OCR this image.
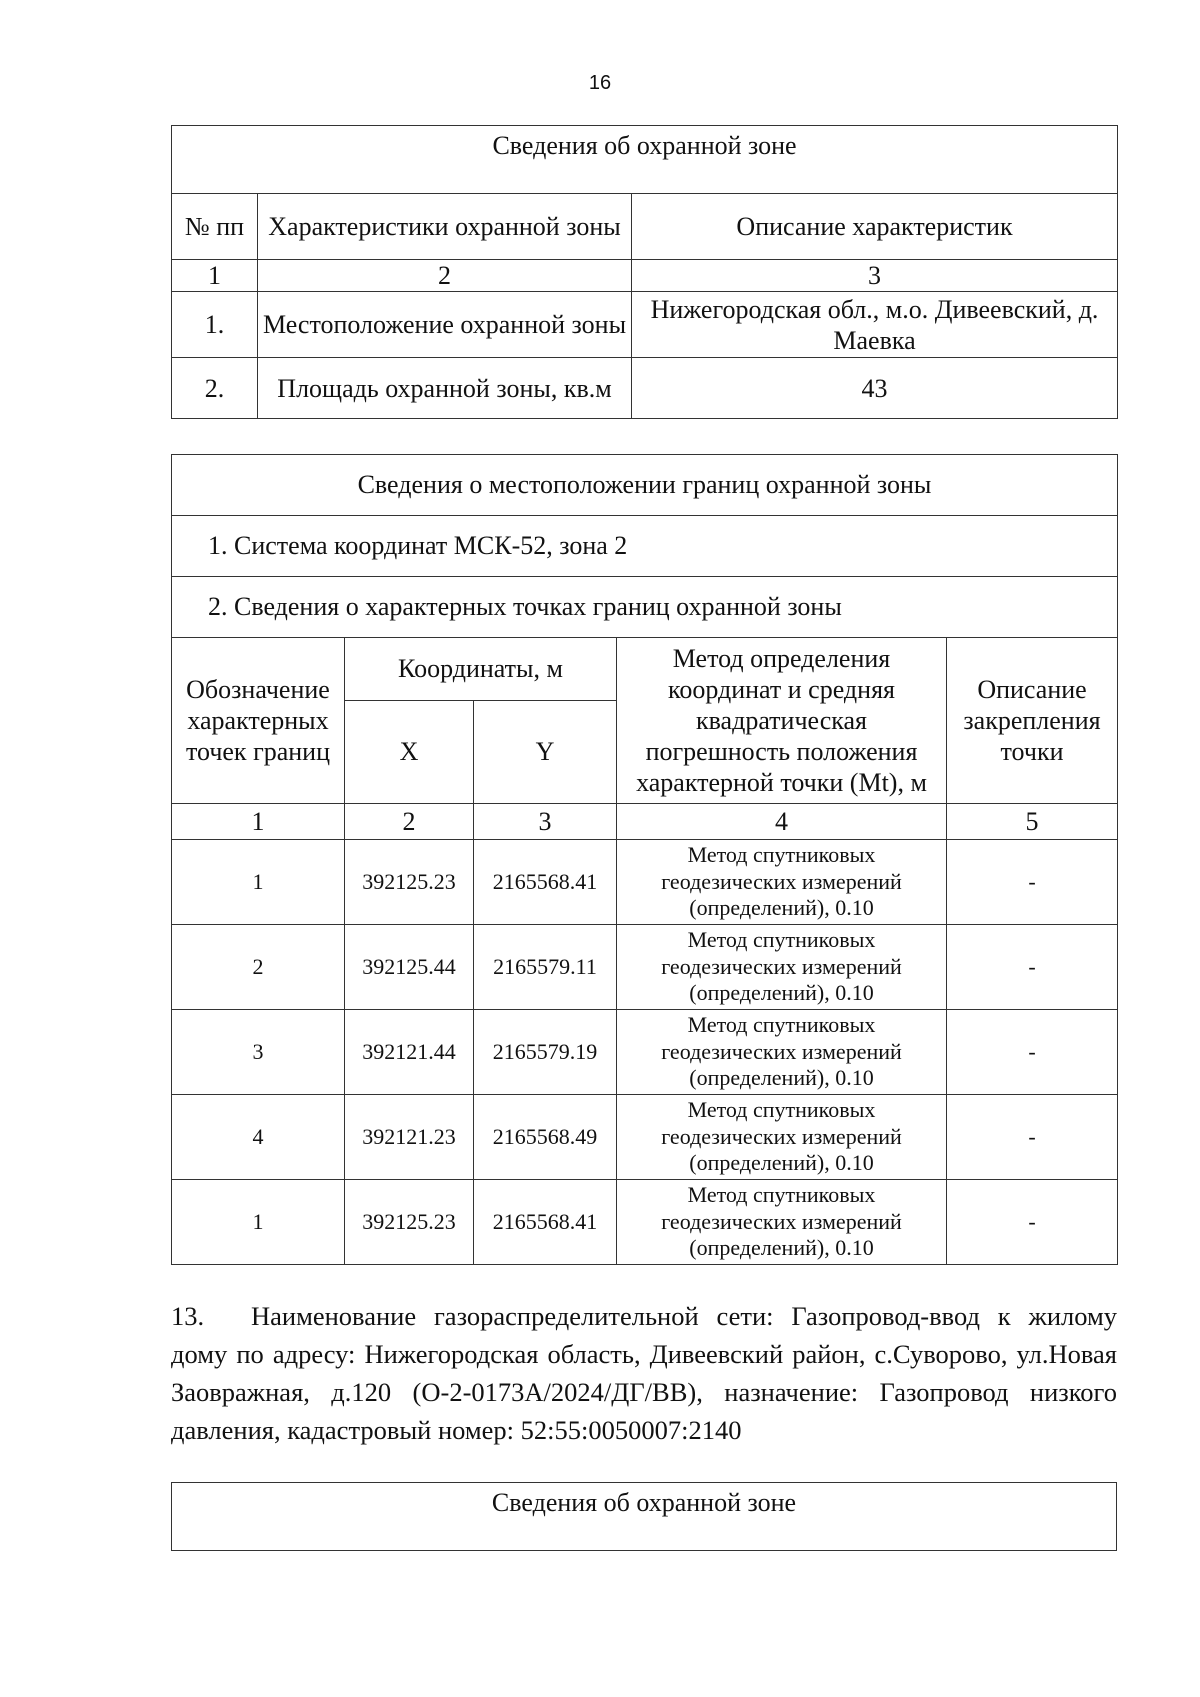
16
Сведения об охранной зоне		
№ пп	Характеристики охранной зоны	Описание характеристик
1	2	3
1.	Местоположение охранной зоны	Нижегородская обл., м.о. Дивеевский, д. Маевка
2.	Площадь охранной зоны, кв.м	43
Сведения о местоположении границ охранной зоны				
1. Система координат МСК-52, зона 2				
2. Сведения о характерных точках границ охранной зоны				
Обозначение характерных точек границ	Координаты, м		Метод определения координат и средняя квадратическая погрешность положения характерной точки (Mt), м	Описание закрепления точки
	X	Y		
1	2	3	4	5
1	392125.23	2165568.41	Метод спутниковых геодезических измерений (определений), 0.10	-
2	392125.44	2165579.11	Метод спутниковых геодезических измерений (определений), 0.10	-
3	392121.44	2165579.19	Метод спутниковых геодезических измерений (определений), 0.10	-
4	392121.23	2165568.49	Метод спутниковых геодезических измерений (определений), 0.10	-
1	392125.23	2165568.41	Метод спутниковых геодезических измерений (определений), 0.10	-

13. Наименование газораспределительной сети: Газопровод-ввод к жилому дому по адресу: Нижегородская область, Дивеевский район, с.Суворово, ул.Новая Заовражная, д.120 (О-2-0173А/2024/ДГ/ВВ), назначение: Газопровод низкого давления, кадастровый номер: 52:55:0050007:2140

Сведения об охранной зоне
